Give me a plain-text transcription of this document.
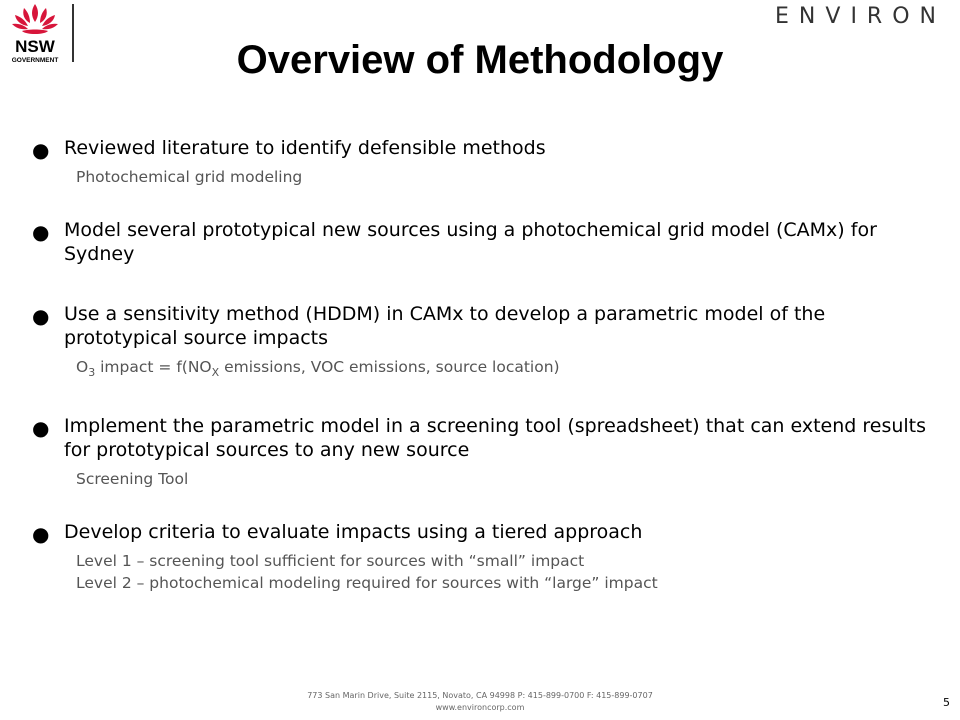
NSW
GOVERNMENT
ENVIRON
Overview of Methodology
● Reviewed literature to identify defensible methods
Photochemical grid modeling
● Model several prototypical new sources using a photochemical grid model (CAMx) for Sydney
● Use a sensitivity method (HDDM) in CAMx to develop a parametric model of the prototypical source impacts
$O_3$ impact = $f(NO_X$ emissions, VOC emissions, source location)
● Implement the parametric model in a screening tool (spreadsheet) that can extend results for prototypical sources to any new source
Screening Tool
● Develop criteria to evaluate impacts using a tiered approach
Level 1 – screening tool sufficient for sources with “small” impact
Level 2 – photochemical modeling required for sources with “large” impact
773 San Marin Drive, Suite 2115, Novato, CA 94998 P: 415-899-0700 F: 415-899-0707
www.environcorp.com	5
